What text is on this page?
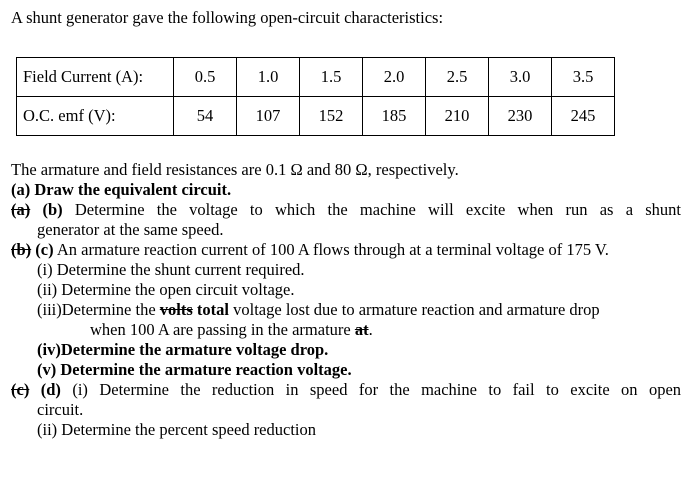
A shunt generator gave the following open-circuit characteristics:
Field Current (A):	0.5	1.0	1.5	2.0	2.5	3.0	3.5
O.C. emf (V):	54	107	152	185	210	230	245
The armature and field resistances are 0.1 Ω and 80 Ω, respectively.
(a) Draw the equivalent circuit.
(a) (b) Determine the voltage to which the machine will excite when run as a shunt
generator at the same speed.
(b) (c) An armature reaction current of 100 A flows through at a terminal voltage of 175 V.
(i) Determine the shunt current required.
(ii) Determine the open circuit voltage.
(iii)Determine the volts total voltage lost due to armature reaction and armature drop
when 100 A are passing in the armature at.
(iv)Determine the armature voltage drop.
(v) Determine the armature reaction voltage.
(c) (d) (i) Determine the reduction in speed for the machine to fail to excite on open
circuit.
(ii) Determine the percent speed reduction
